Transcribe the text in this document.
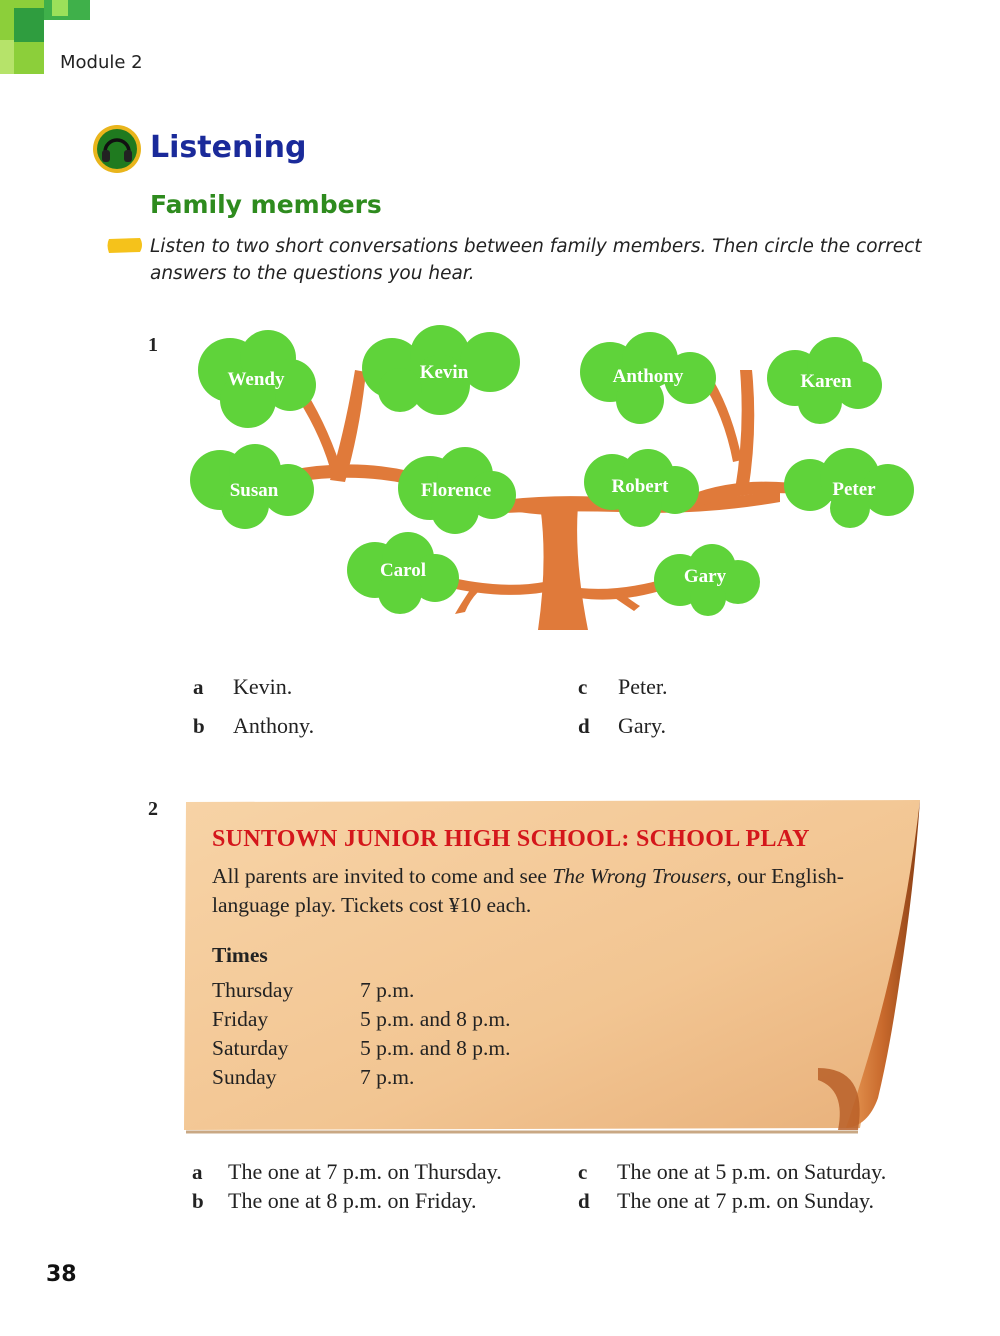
Module 2
Listening
Family members
Listen to two short conversations between family members. Then circle the correct answers to the questions you hear.
1
Wendy	Kevin	Anthony	Karen
Susan	Florence	Robert	Peter
Carol	Gary
a Kevin.
b Anthony.
c Peter.
d Gary.
2
SUNTOWN JUNIOR HIGH SCHOOL: SCHOOL PLAY
All parents are invited to come and see The Wrong Trousers, our English-language play. Tickets cost ¥10 each.
Times
Thursday	7 p.m.
Friday	5 p.m. and 8 p.m.
Saturday	5 p.m. and 8 p.m.
Sunday	7 p.m.
a The one at 7 p.m. on Thursday.
b The one at 8 p.m. on Friday.
c The one at 5 p.m. on Saturday.
d The one at 7 p.m. on Sunday.
38
